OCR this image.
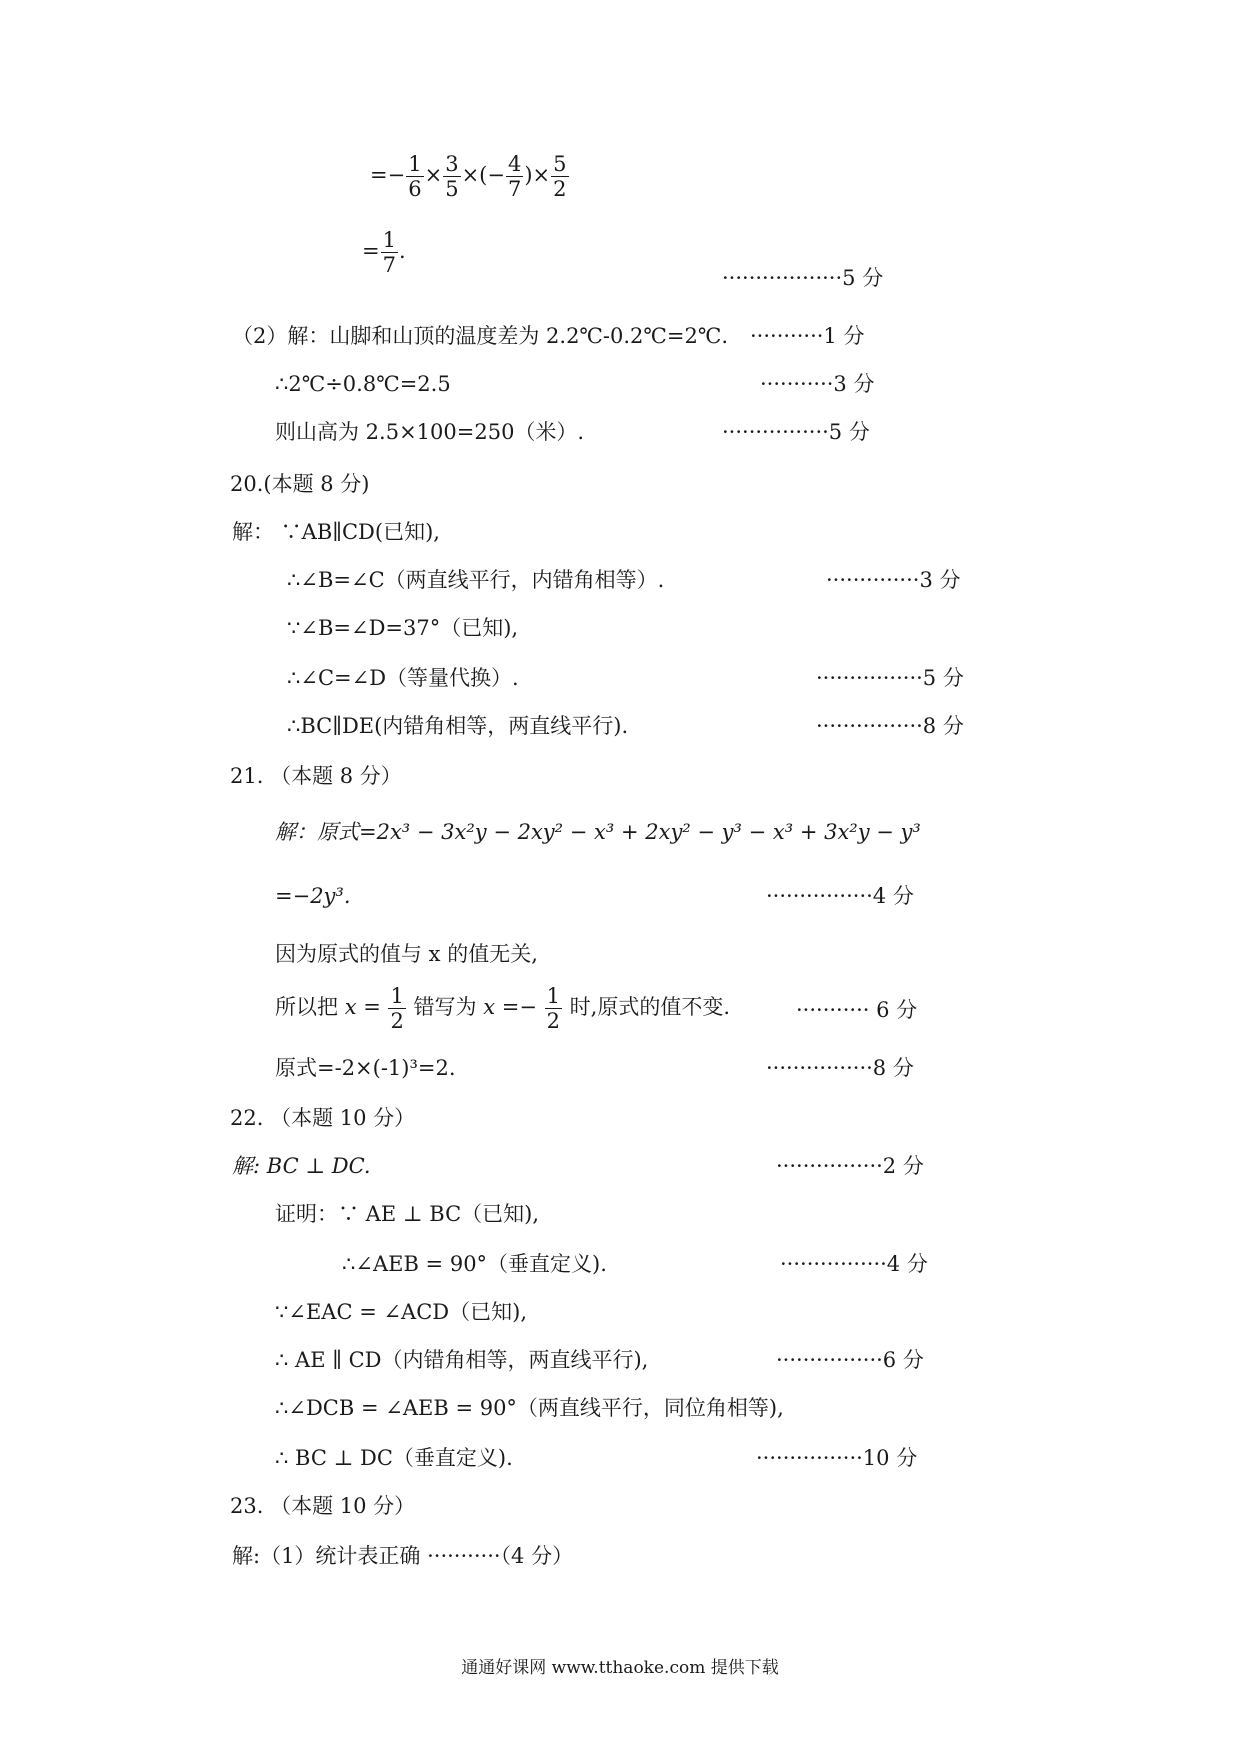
=− $\frac{1}{6} \times \frac{3}{5}$ ×(− $\frac{4}{7}$ )× $\frac{5}{2}$
= $\frac{1}{7}$ .
··················5 分
（2）解：山脚和山顶的温度差为 2.2℃-0.2℃=2℃. ···········1 分
∴2℃÷0.8℃=2.5	···········3 分
则山高为 2.5×100=250（米）.	················5 分
20.(本题 8 分)
解： ∵AB∥CD(已知),
∴∠B=∠C（两直线平行，内错角相等）.	··············3 分
∵∠B=∠D=37°（已知),
∴∠C=∠D（等量代换）.	················5 分
∴BC∥DE(内错角相等，两直线平行).	················8 分
21. （本题 8 分）
解：原式=2x³ − 3x²y − 2xy² − x³ + 2xy² − y³ − x³ + 3x²y − y³
=−2y³.	················4 分
因为原式的值与 x 的值无关,
所以把 $x = \frac{1}{2}$ 错写为 $x =- \frac{1}{2}$ 时,原式的值不变.	··········· 6 分
原式=-2×(-1)³=2.	················8 分
22. （本题 10 分）
解: BC ⊥ DC.	················2 分
证明：∵ AE ⊥ BC（已知),
∴∠AEB = 90°（垂直定义).	················4 分
∵∠EAC = ∠ACD（已知),
∴ AE ∥ CD（内错角相等，两直线平行),	················6 分
∴∠DCB = ∠AEB = 90°（两直线平行，同位角相等),
∴ BC ⊥ DC（垂直定义).	················10 分
23. （本题 10 分）
解:（1）统计表正确 ···········（4 分）
通通好课网 www.tthaoke.com 提供下载
